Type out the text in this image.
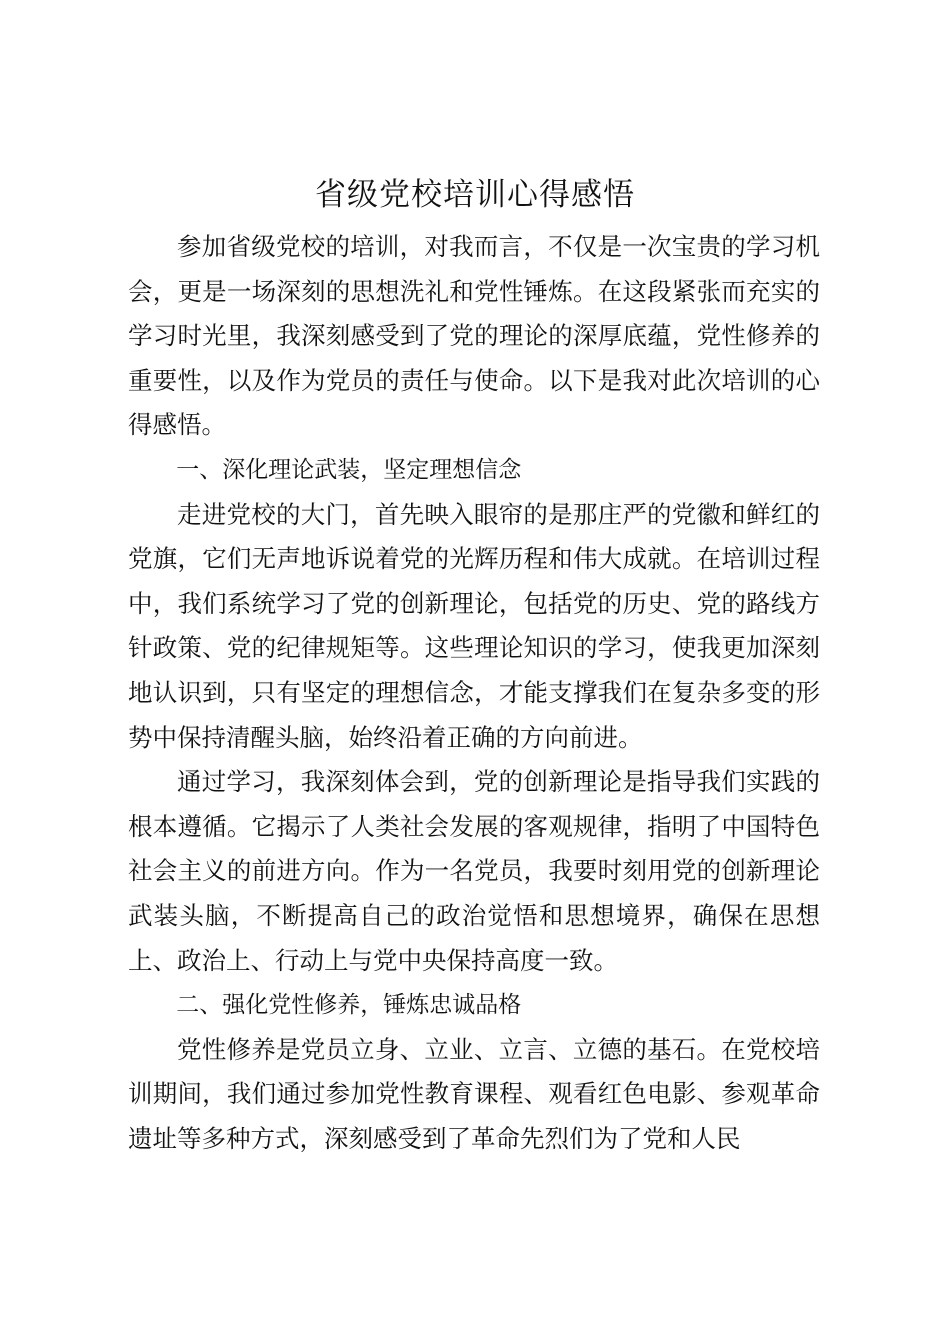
省级党校培训心得感悟

参加省级党校的培训，对我而言，不仅是一次宝贵的学习机会，更是一场深刻的思想洗礼和党性锤炼。在这段紧张而充实的学习时光里，我深刻感受到了党的理论的深厚底蕴，党性修养的重要性，以及作为党员的责任与使命。以下是我对此次培训的心得感悟。

一、深化理论武装，坚定理想信念

走进党校的大门，首先映入眼帘的是那庄严的党徽和鲜红的党旗，它们无声地诉说着党的光辉历程和伟大成就。在培训过程中，我们系统学习了党的创新理论，包括党的历史、党的路线方针政策、党的纪律规矩等。这些理论知识的学习，使我更加深刻地认识到，只有坚定的理想信念，才能支撑我们在复杂多变的形势中保持清醒头脑，始终沿着正确的方向前进。

通过学习，我深刻体会到，党的创新理论是指导我们实践的根本遵循。它揭示了人类社会发展的客观规律，指明了中国特色社会主义的前进方向。作为一名党员，我要时刻用党的创新理论武装头脑，不断提高自己的政治觉悟和思想境界，确保在思想上、政治上、行动上与党中央保持高度一致。

二、强化党性修养，锤炼忠诚品格

党性修养是党员立身、立业、立言、立德的基石。在党校培训期间，我们通过参加党性教育课程、观看红色电影、参观革命遗址等多种方式，深刻感受到了革命先烈们为了党和人民
